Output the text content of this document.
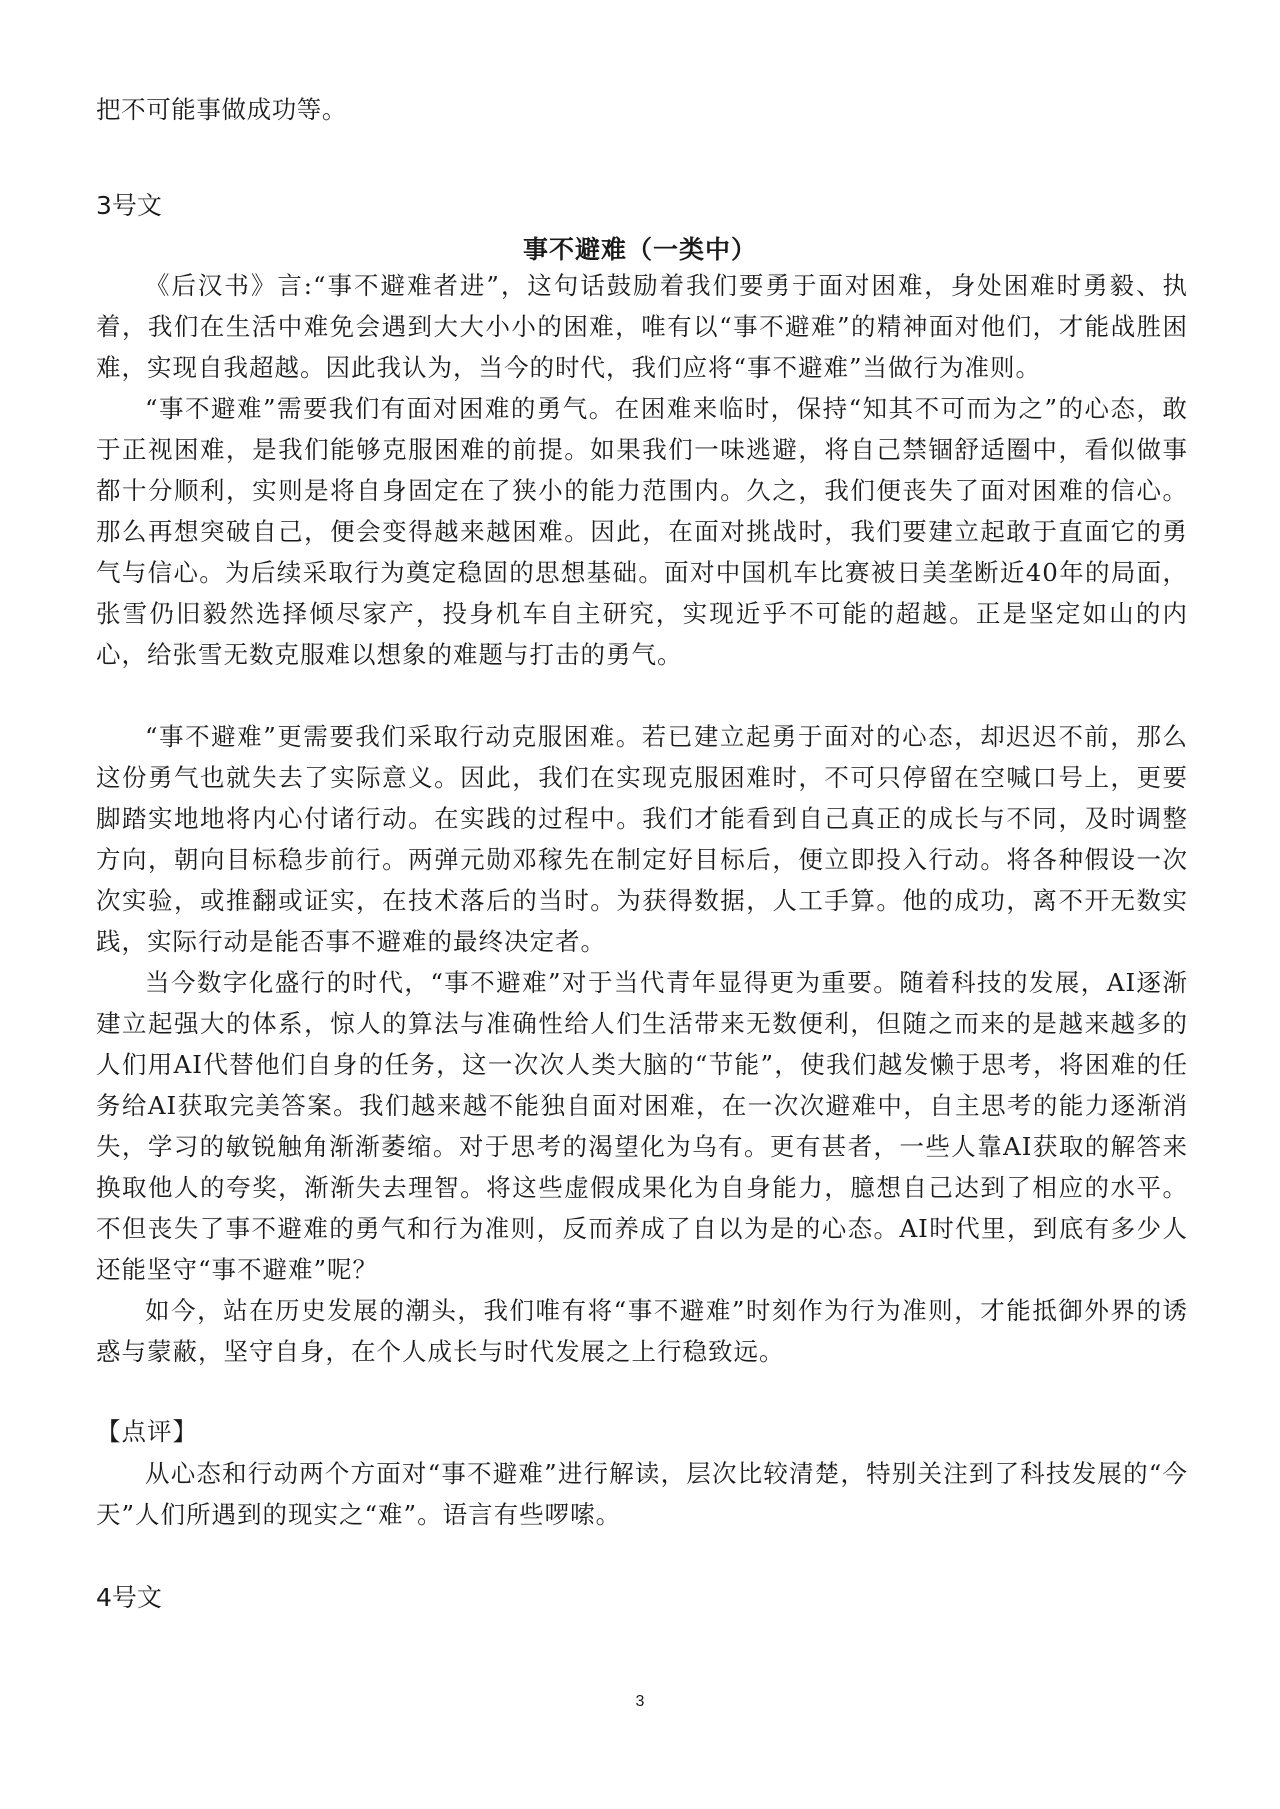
把不可能事做成功等。
3号文
事不避难（一类中）

《后汉书》言:“事不避难者进”，这句话鼓励着我们要勇于面对困难，身处困难时勇毅、执着，我们在生活中难免会遇到大大小小的困难，唯有以“事不避难”的精神面对他们，才能战胜困难，实现自我超越。因此我认为，当今的时代，我们应将“事不避难”当做行为准则。

“事不避难”需要我们有面对困难的勇气。在困难来临时，保持“知其不可而为之”的心态，敢于正视困难，是我们能够克服困难的前提。如果我们一味逃避，将自己禁锢舒适圈中，看似做事都十分顺利，实则是将自身固定在了狭小的能力范围内。久之，我们便丧失了面对困难的信心。那么再想突破自己，便会变得越来越困难。因此，在面对挑战时，我们要建立起敢于直面它的勇气与信心。为后续采取行为奠定稳固的思想基础。面对中国机车比赛被日美垄断近40年的局面，张雪仍旧毅然选择倾尽家产，投身机车自主研究，实现近乎不可能的超越。正是坚定如山的内心，给张雪无数克服难以想象的难题与打击的勇气。

“事不避难”更需要我们采取行动克服困难。若已建立起勇于面对的心态，却迟迟不前，那么这份勇气也就失去了实际意义。因此，我们在实现克服困难时，不可只停留在空喊口号上，更要脚踏实地地将内心付诸行动。在实践的过程中。我们才能看到自己真正的成长与不同，及时调整方向，朝向目标稳步前行。两弹元勋邓稼先在制定好目标后，便立即投入行动。将各种假设一次次实验，或推翻或证实，在技术落后的当时。为获得数据，人工手算。他的成功，离不开无数实践，实际行动是能否事不避难的最终决定者。

当今数字化盛行的时代，“事不避难”对于当代青年显得更为重要。随着科技的发展，AI逐渐建立起强大的体系，惊人的算法与准确性给人们生活带来无数便利，但随之而来的是越来越多的人们用AI代替他们自身的任务，这一次次人类大脑的“节能”，使我们越发懒于思考，将困难的任务给AI获取完美答案。我们越来越不能独自面对困难，在一次次避难中，自主思考的能力逐渐消失，学习的敏锐触角渐渐萎缩。对于思考的渴望化为乌有。更有甚者，一些人靠AI获取的解答来换取他人的夸奖，渐渐失去理智。将这些虚假成果化为自身能力，臆想自己达到了相应的水平。不但丧失了事不避难的勇气和行为准则，反而养成了自以为是的心态。AI时代里，到底有多少人还能坚守“事不避难”呢？

如今，站在历史发展的潮头，我们唯有将“事不避难”时刻作为行为准则，才能抵御外界的诱惑与蒙蔽，坚守自身，在个人成长与时代发展之上行稳致远。

【点评】

从心态和行动两个方面对“事不避难”进行解读，层次比较清楚，特别关注到了科技发展的“今天”人们所遇到的现实之“难”。语言有些啰嗦。

4号文
3
